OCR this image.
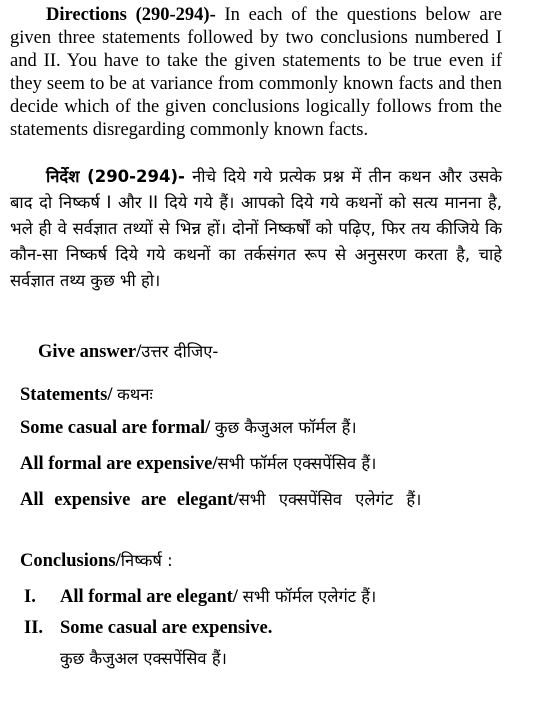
Directions (290-294)- In each of the questions below are given three statements followed by two conclusions numbered I and II. You have to take the given statements to be true even if they seem to be at variance from commonly known facts and then decide which of the given conclusions logically follows from the statements disregarding commonly known facts.
निर्देश (290-294)- नीचे दिये गये प्रत्येक प्रश्न में तीन कथन और उसके बाद दो निष्कर्ष I और II दिये गये हैं। आपको दिये गये कथनों को सत्य मानना है, भले ही वे सर्वज्ञात तथ्यों से भिन्न हों। दोनों निष्कर्षों को पढ़िए, फिर तय कीजिये कि कौन-सा निष्कर्ष दिये गये कथनों का तर्कसंगत रूप से अनुसरण करता है, चाहे सर्वज्ञात तथ्य कुछ भी हो।
Give answer/उत्तर दीजिए-
Statements/ कथनः
Some casual are formal/ कुछ कैजुअल फॉर्मल हैं।
All formal are expensive/सभी फॉर्मल एक्सपेंसिव हैं।
All expensive are elegant/सभी एक्सपेंसिव एलेगंट हैं।
Conclusions/निष्कर्ष :
I. All formal are elegant/ सभी फॉर्मल एलेगंट हैं।
II. Some casual are expensive.
कुछ कैजुअल एक्सपेंसिव हैं।
